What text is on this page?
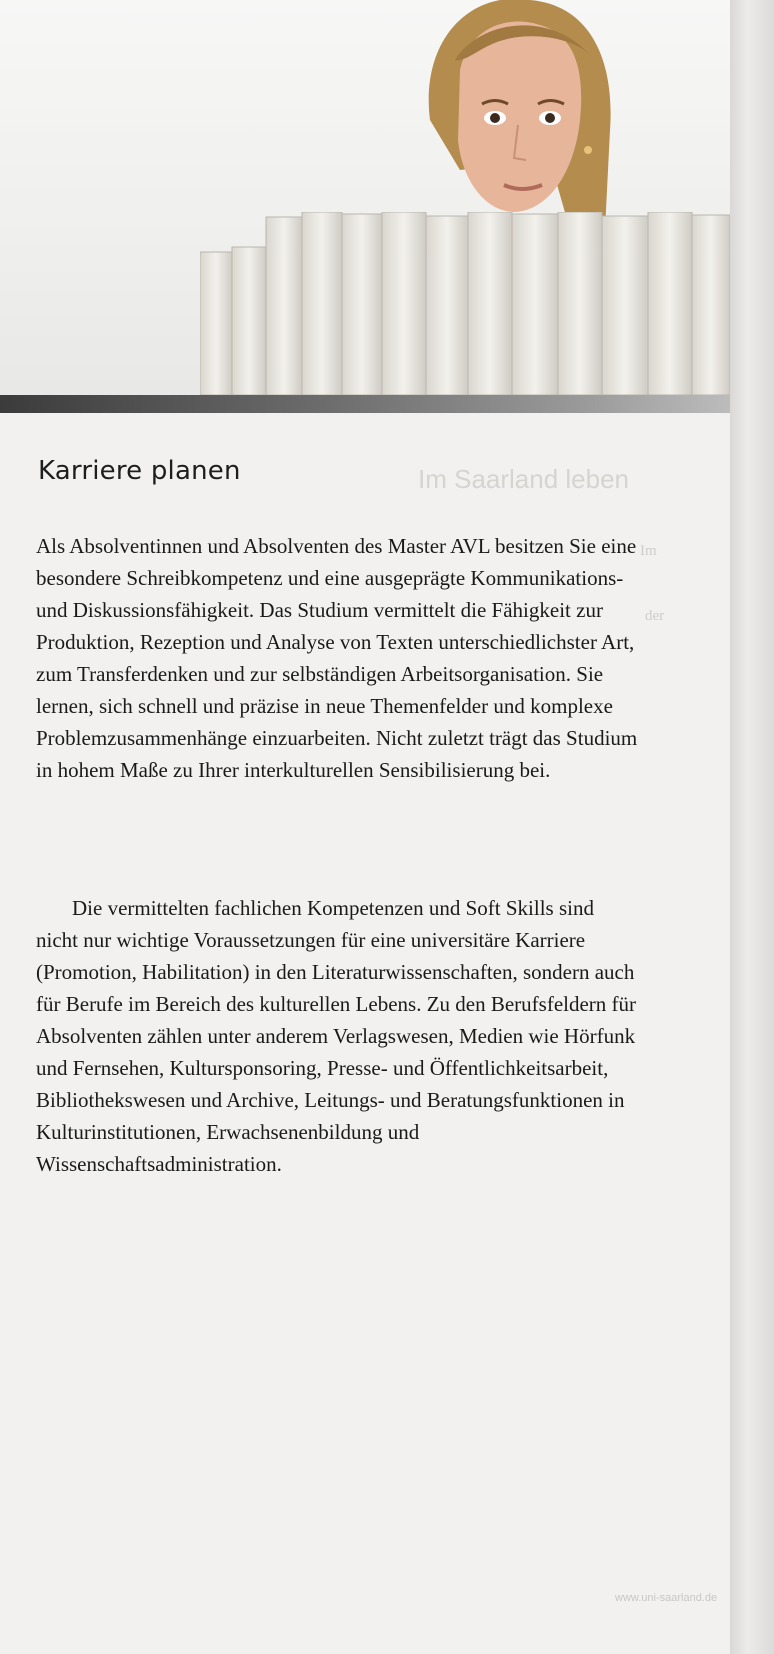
Im Saarland leben
Im
der
Karriere planen

Als Absolventinnen und Absolventen des Master AVL besitzen Sie eine besondere Schreibkompetenz und eine ausgeprägte Kommunikations- und Diskussionsfähigkeit. Das Studium vermittelt die Fähigkeit zur Produktion, Rezeption und Analyse von Texten unterschiedlichster Art, zum Transferdenken und zur selbständigen Arbeitsorganisation. Sie lernen, sich schnell und präzise in neue Themenfelder und komplexe Problemzusammenhänge einzuarbeiten. Nicht zuletzt trägt das Studium in hohem Maße zu Ihrer interkulturellen Sensibilisierung bei.

Die vermittelten fachlichen Kompetenzen und Soft Skills sind nicht nur wichtige Voraussetzungen für eine universitäre Karriere (Promotion, Habilitation) in den Literaturwissenschaften, sondern auch für Berufe im Bereich des kulturellen Lebens. Zu den Berufsfeldern für Absolventen zählen unter anderem Verlagswesen, Medien wie Hörfunk und Fernsehen, Kultursponsoring, Presse- und Öffentlichkeitsarbeit, Bibliothekswesen und Archive, Leitungs- und Beratungsfunktionen in Kulturinstitutionen, Erwachsenenbildung und Wissenschaftsadministration.

www.uni-saarland.de
